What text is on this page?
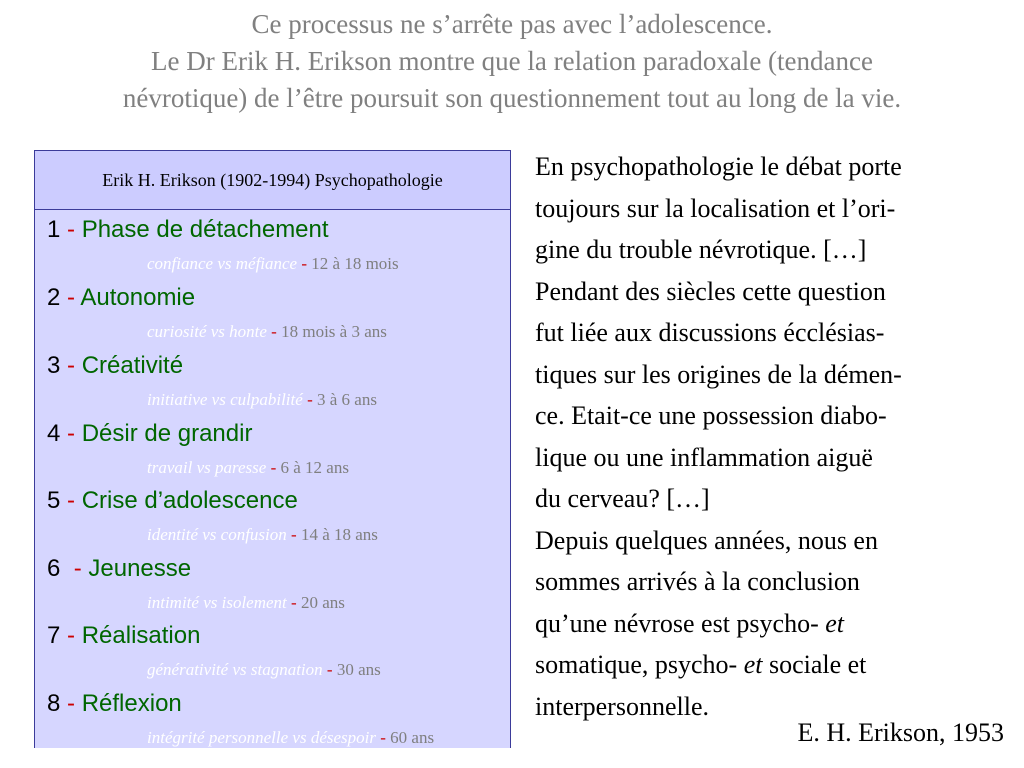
Ce processus ne s’arrête pas avec l’adolescence.
Le Dr Erik H. Erikson montre que la relation paradoxale (tendance
névrotique) de l’être poursuit son questionnement tout au long de la vie.
Erik H. Erikson (1902-1994) Psychopathologie
1 - Phase de détachement
confiance vs méfiance - 12 à 18 mois
2 - Autonomie
curiosité vs honte - 18 mois à 3 ans
3 - Créativité
initiative vs culpabilité - 3 à 6 ans
4 - Désir de grandir
travail vs paresse - 6 à 12 ans
5 - Crise d’adolescence
identité vs confusion - 14 à 18 ans
6 - Jeunesse
intimité vs isolement - 20 ans
7 - Réalisation
générativité vs stagnation - 30 ans
8 - Réflexion
intégrité personnelle vs désespoir - 60 ans
En psychopathologie le débat porte
toujours sur la localisation et l’ori-
gine du trouble névrotique. […]
Pendant des siècles cette question
fut liée aux discussions écclésias-
tiques sur les origines de la démen-
ce. Etait-ce une possession diabo-
lique ou une inflammation aiguë
du cerveau? […]
Depuis quelques années, nous en
sommes arrivés à la conclusion
qu’une névrose est psycho- et
somatique, psycho- et sociale et
interpersonnelle.
E. H. Erikson, 1953
